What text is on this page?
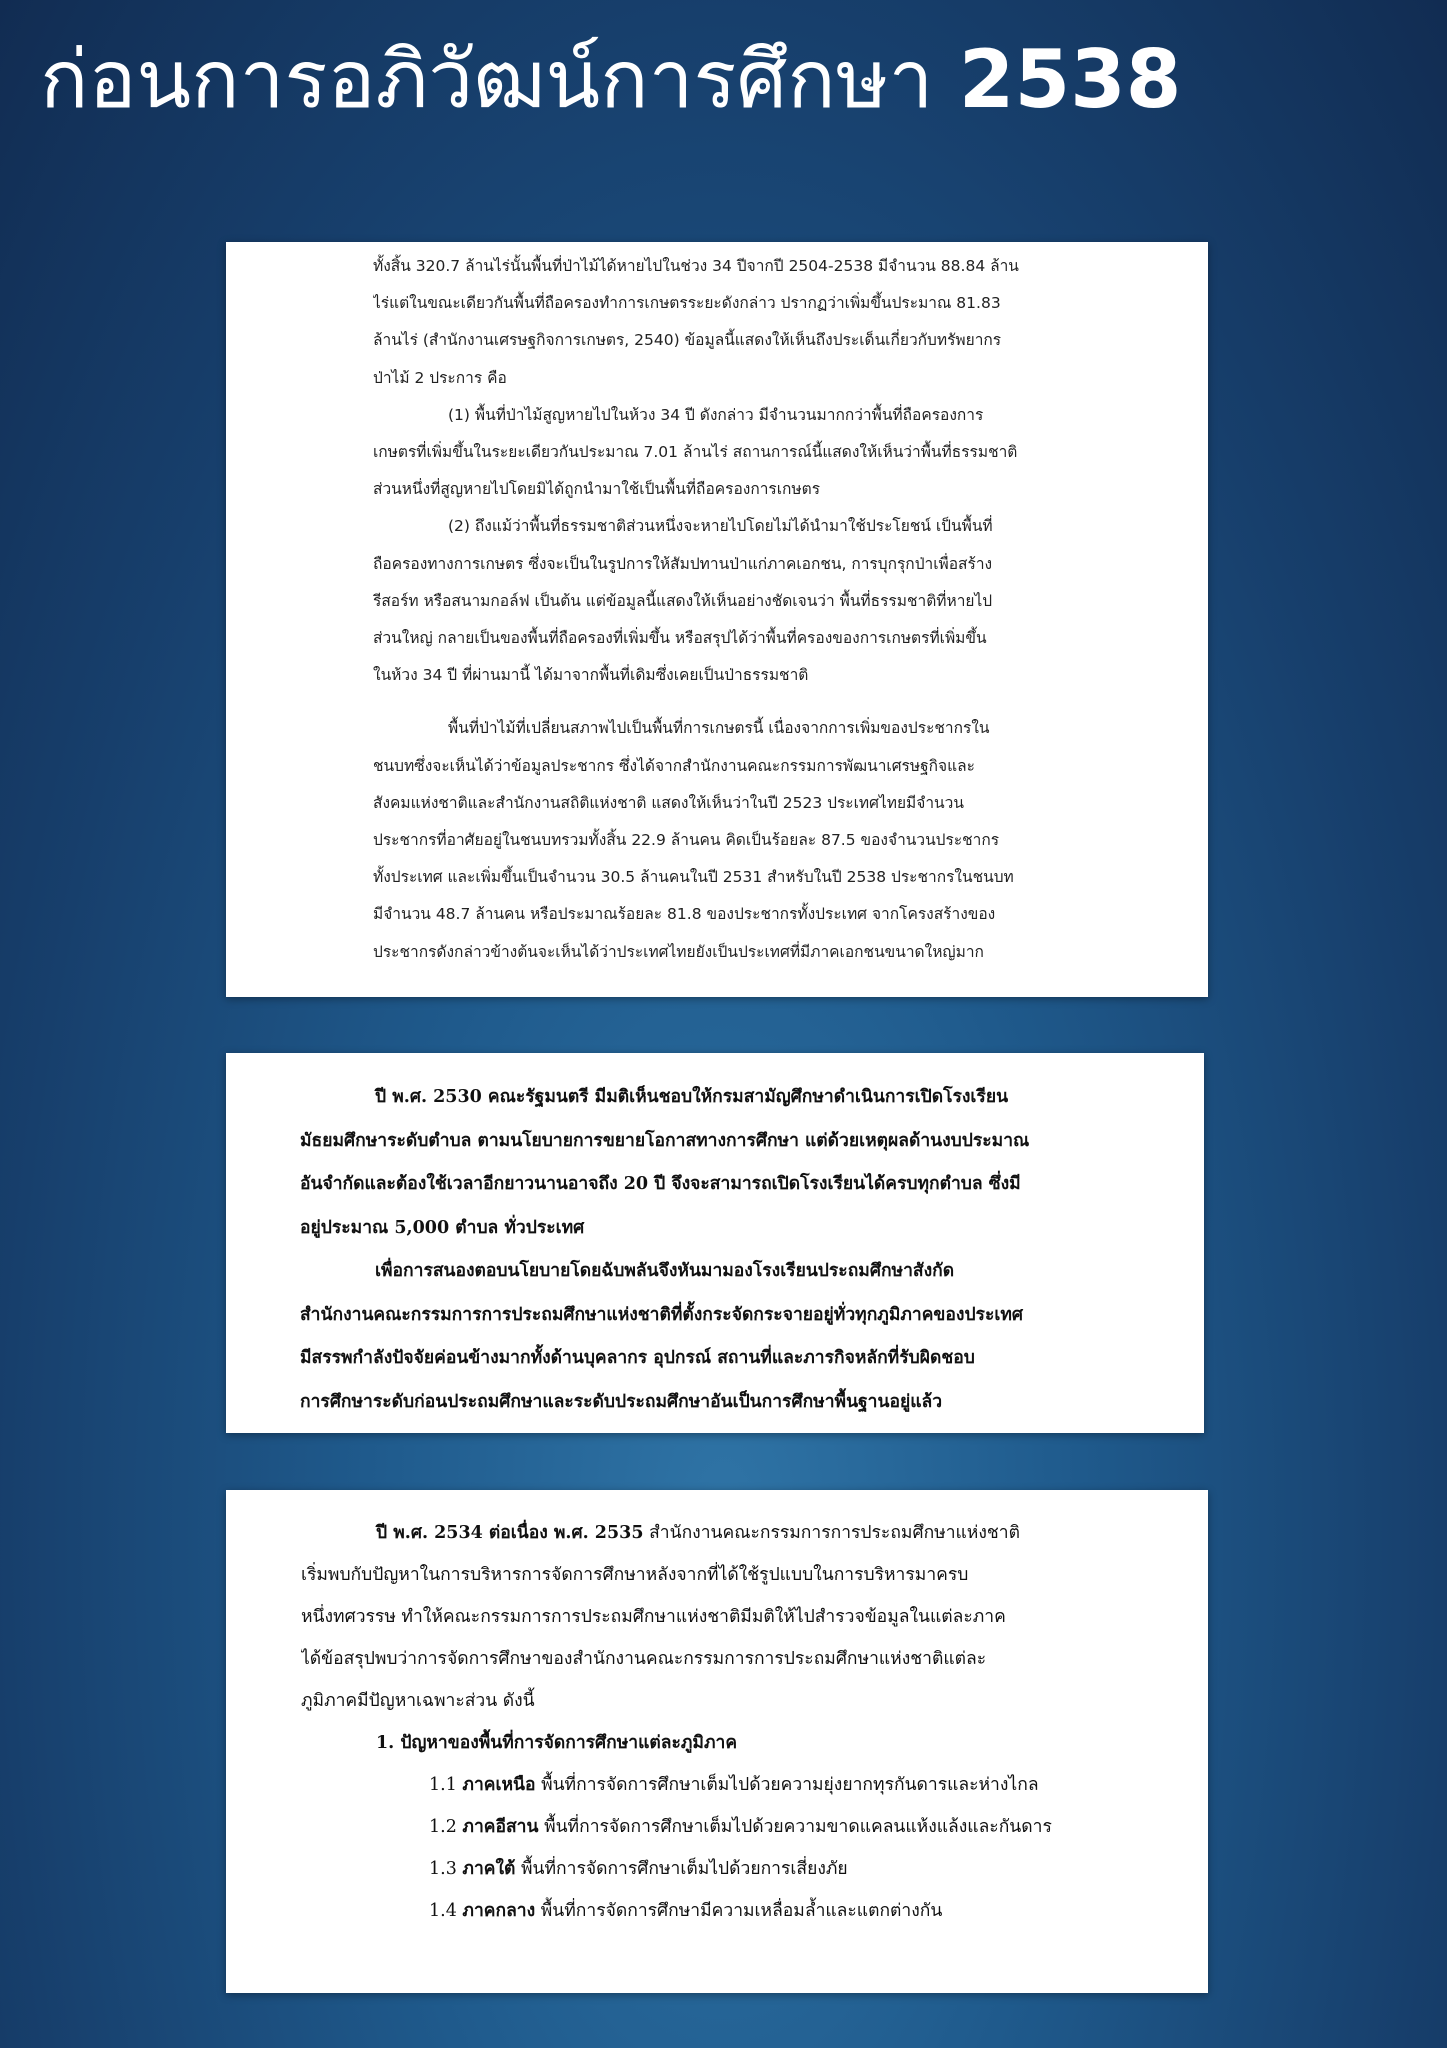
ก่อนการอภิวัฒน์การศึกษา 2538

ทั้งสิ้น 320.7 ล้านไร่นั้นพื้นที่ป่าไม้ได้หายไปในช่วง 34 ปีจากปี 2504-2538 มีจำนวน 88.84 ล้าน

ไร่แต่ในขณะเดียวกันพื้นที่ถือครองทำการเกษตรระยะดังกล่าว ปรากฏว่าเพิ่มขึ้นประมาณ 81.83

ล้านไร่ (สำนักงานเศรษฐกิจการเกษตร, 2540) ข้อมูลนี้แสดงให้เห็นถึงประเด็นเกี่ยวกับทรัพยากร

ป่าไม้ 2 ประการ คือ

(1) พื้นที่ป่าไม้สูญหายไปในห้วง 34 ปี ดังกล่าว มีจำนวนมากกว่าพื้นที่ถือครองการ

เกษตรที่เพิ่มขึ้นในระยะเดียวกันประมาณ 7.01 ล้านไร่ สถานการณ์นี้แสดงให้เห็นว่าพื้นที่ธรรมชาติ

ส่วนหนึ่งที่สูญหายไปโดยมิได้ถูกนำมาใช้เป็นพื้นที่ถือครองการเกษตร

(2) ถึงแม้ว่าพื้นที่ธรรมชาติส่วนหนึ่งจะหายไปโดยไม่ได้นำมาใช้ประโยชน์ เป็นพื้นที่

ถือครองทางการเกษตร ซึ่งจะเป็นในรูปการให้สัมปทานป่าแก่ภาคเอกชน, การบุกรุกป่าเพื่อสร้าง

รีสอร์ท หรือสนามกอล์ฟ เป็นต้น แต่ข้อมูลนี้แสดงให้เห็นอย่างชัดเจนว่า พื้นที่ธรรมชาติที่หายไป

ส่วนใหญ่ กลายเป็นของพื้นที่ถือครองที่เพิ่มขึ้น หรือสรุปได้ว่าพื้นที่ครองของการเกษตรที่เพิ่มขึ้น

ในห้วง 34 ปี ที่ผ่านมานี้ ได้มาจากพื้นที่เดิมซึ่งเคยเป็นป่าธรรมชาติ

พื้นที่ป่าไม้ที่เปลี่ยนสภาพไปเป็นพื้นที่การเกษตรนี้ เนื่องจากการเพิ่มของประชากรใน

ชนบทซึ่งจะเห็นได้ว่าข้อมูลประชากร ซึ่งได้จากสำนักงานคณะกรรมการพัฒนาเศรษฐกิจและ

สังคมแห่งชาติและสำนักงานสถิติแห่งชาติ แสดงให้เห็นว่าในปี 2523 ประเทศไทยมีจำนวน

ประชากรที่อาศัยอยู่ในชนบทรวมทั้งสิ้น 22.9 ล้านคน คิดเป็นร้อยละ 87.5 ของจำนวนประชากร

ทั้งประเทศ และเพิ่มขึ้นเป็นจำนวน 30.5 ล้านคนในปี 2531 สำหรับในปี 2538 ประชากรในชนบท

มีจำนวน 48.7 ล้านคน หรือประมาณร้อยละ 81.8 ของประชากรทั้งประเทศ จากโครงสร้างของ

ประชากรดังกล่าวข้างต้นจะเห็นได้ว่าประเทศไทยยังเป็นประเทศที่มีภาคเอกชนขนาดใหญ่มาก

ปี พ.ศ. 2530 คณะรัฐมนตรี มีมติเห็นชอบให้กรมสามัญศึกษาดำเนินการเปิดโรงเรียน

มัธยมศึกษาระดับตำบล ตามนโยบายการขยายโอกาสทางการศึกษา แต่ด้วยเหตุผลด้านงบประมาณ

อันจำกัดและต้องใช้เวลาอีกยาวนานอาจถึง 20 ปี จึงจะสามารถเปิดโรงเรียนได้ครบทุกตำบล ซึ่งมี

อยู่ประมาณ 5,000 ตำบล ทั่วประเทศ

เพื่อการสนองตอบนโยบายโดยฉับพลันจึงหันมามองโรงเรียนประถมศึกษาสังกัด

สำนักงานคณะกรรมการการประถมศึกษาแห่งชาติที่ตั้งกระจัดกระจายอยู่ทั่วทุกภูมิภาคของประเทศ

มีสรรพกำลังปัจจัยค่อนข้างมากทั้งด้านบุคลากร อุปกรณ์ สถานที่และภารกิจหลักที่รับผิดชอบ

การศึกษาระดับก่อนประถมศึกษาและระดับประถมศึกษาอันเป็นการศึกษาพื้นฐานอยู่แล้ว

ปี พ.ศ. 2534 ต่อเนื่อง พ.ศ. 2535 สำนักงานคณะกรรมการการประถมศึกษาแห่งชาติ

เริ่มพบกับปัญหาในการบริหารการจัดการศึกษาหลังจากที่ได้ใช้รูปแบบในการบริหารมาครบ

หนึ่งทศวรรษ ทำให้คณะกรรมการการประถมศึกษาแห่งชาติมีมติให้ไปสำรวจข้อมูลในแต่ละภาค

ได้ข้อสรุปพบว่าการจัดการศึกษาของสำนักงานคณะกรรมการการประถมศึกษาแห่งชาติแต่ละ

ภูมิภาคมีปัญหาเฉพาะส่วน ดังนี้

1. ปัญหาของพื้นที่การจัดการศึกษาแต่ละภูมิภาค

1.1 ภาคเหนือ พื้นที่การจัดการศึกษาเต็มไปด้วยความยุ่งยากทุรกันดารและห่างไกล

1.2 ภาคอีสาน พื้นที่การจัดการศึกษาเต็มไปด้วยความขาดแคลนแห้งแล้งและกันดาร

1.3 ภาคใต้ พื้นที่การจัดการศึกษาเต็มไปด้วยการเสี่ยงภัย

1.4 ภาคกลาง พื้นที่การจัดการศึกษามีความเหลื่อมล้ำและแตกต่างกัน
